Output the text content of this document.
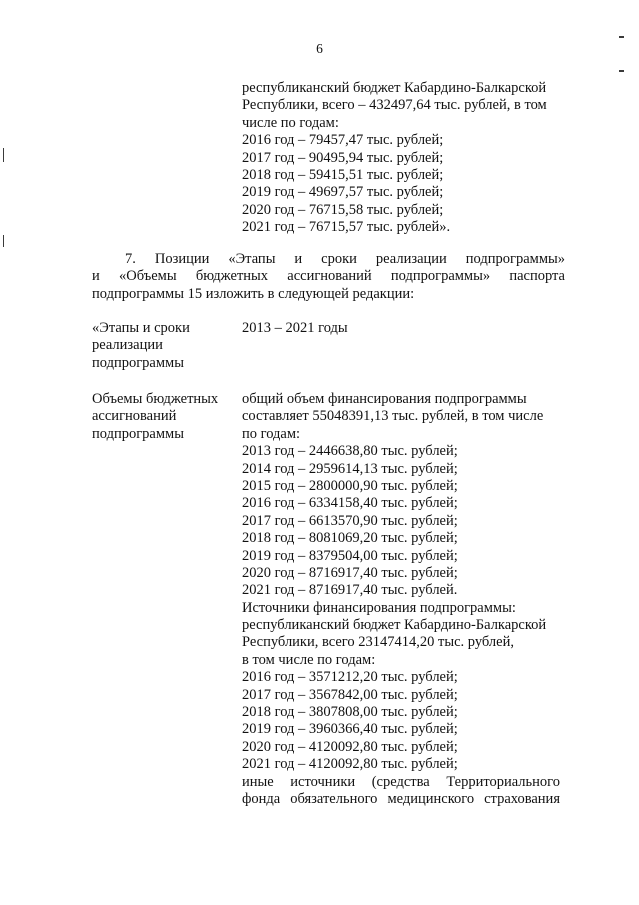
6
республиканский бюджет Кабардино-Балкарской
Республики, всего – 432497,64 тыс. рублей, в том
числе по годам:
2016 год – 79457,47 тыс. рублей;
2017 год – 90495,94 тыс. рублей;
2018 год – 59415,51 тыс. рублей;
2019 год – 49697,57 тыс. рублей;
2020 год – 76715,58 тыс. рублей;
2021 год – 76715,57 тыс. рублей».
7. Позиции «Этапы и сроки реализации подпрограммы»
и «Объемы бюджетных ассигнований подпрограммы» паспорта
подпрограммы 15 изложить в следующей редакции:
«Этапы и сроки
реализации
подпрограммы
2013 – 2021 годы
Объемы бюджетных
ассигнований
подпрограммы
общий объем финансирования подпрограммы
составляет 55048391,13 тыс. рублей, в том числе
по годам:
2013 год – 2446638,80 тыс. рублей;
2014 год – 2959614,13 тыс. рублей;
2015 год – 2800000,90 тыс. рублей;
2016 год – 6334158,40 тыс. рублей;
2017 год – 6613570,90 тыс. рублей;
2018 год – 8081069,20 тыс. рублей;
2019 год – 8379504,00 тыс. рублей;
2020 год – 8716917,40 тыс. рублей;
2021 год – 8716917,40 тыс. рублей.
Источники финансирования подпрограммы:
республиканский бюджет Кабардино-Балкарской
Республики, всего 23147414,20 тыс. рублей,
в том числе по годам:
2016 год – 3571212,20 тыс. рублей;
2017 год – 3567842,00 тыс. рублей;
2018 год – 3807808,00 тыс. рублей;
2019 год – 3960366,40 тыс. рублей;
2020 год – 4120092,80 тыс. рублей;
2021 год – 4120092,80 тыс. рублей;
иные источники (средства Территориального
фонда обязательного медицинского страхования
